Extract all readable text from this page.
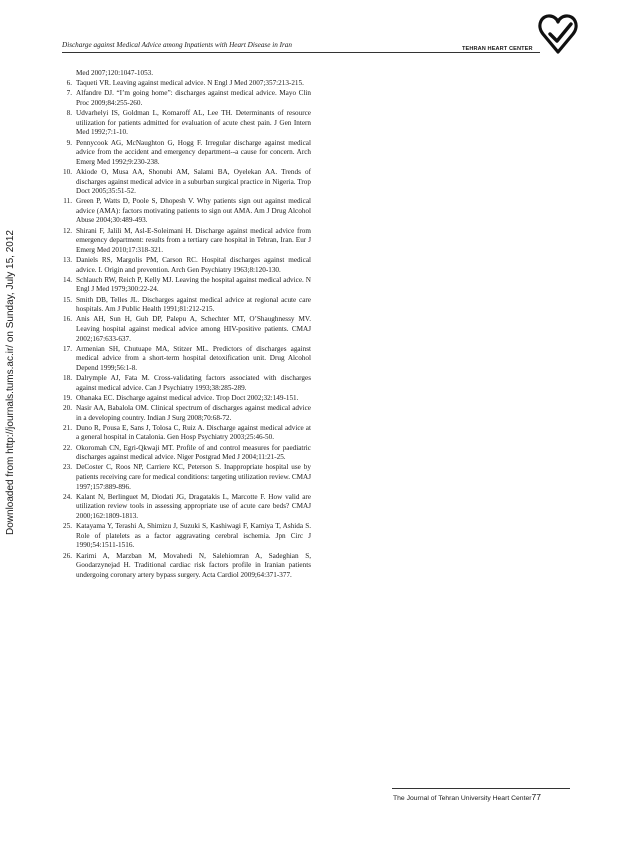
Discharge against Medical Advice among Inpatients with Heart Disease in Iran	TEHRAN HEART CENTER
Downloaded from http://journals.tums.ac.ir/ on Sunday, July 15, 2012
Med 2007;120:1047-1053.
6. Taqueti VR. Leaving against medical advice. N Engl J Med 2007;357:213-215.
7. Alfandre DJ. “I’m going home”: discharges against medical advice. Mayo Clin Proc 2009;84:255-260.
8. Udvarhelyi IS, Goldman L, Komaroff AL, Lee TH. Determinants of resource utilization for patients admitted for evaluation of acute chest pain. J Gen Intern Med 1992;7:1-10.
9. Pennycook AG, McNaughton G, Hogg F. Irregular discharge against medical advice from the accident and emergency department--a cause for concern. Arch Emerg Med 1992;9:230-238.
10. Akiode O, Musa AA, Shonubi AM, Salami BA, Oyelekan AA. Trends of discharges against medical advice in a suburban surgical practice in Nigeria. Trop Doct 2005;35:51-52.
11. Green P, Watts D, Poole S, Dhopesh V. Why patients sign out against medical advice (AMA): factors motivating patients to sign out AMA. Am J Drug Alcohol Abuse 2004;30:489-493.
12. Shirani F, Jalili M, Asl-E-Soleimani H. Discharge against medical advice from emergency department: results from a tertiary care hospital in Tehran, Iran. Eur J Emerg Med 2010;17:318-321.
13. Daniels RS, Margolis PM, Carson RC. Hospital discharges against medical advice. I. Origin and prevention. Arch Gen Psychiatry 1963;8:120-130.
14. Schlauch RW, Reich P, Kelly MJ. Leaving the hospital against medical advice. N Engl J Med 1979;300:22-24.
15. Smith DB, Telles JL. Discharges against medical advice at regional acute care hospitals. Am J Public Health 1991;81:212-215.
16. Anis AH, Sun H, Guh DP, Palepu A, Schechter MT, O’Shaughnessy MV. Leaving hospital against medical advice among HIV-positive patients. CMAJ 2002;167:633-637.
17. Armenian SH, Chutuape MA, Stitzer ML. Predictors of discharges against medical advice from a short-term hospital detoxification unit. Drug Alcohol Depend 1999;56:1-8.
18. Dalrymple AJ, Fata M. Cross-validating factors associated with discharges against medical advice. Can J Psychiatry 1993;38:285-289.
19. Ohanaka EC. Discharge against medical advice. Trop Doct 2002;32:149-151.
20. Nasir AA, Babalola OM. Clinical spectrum of discharges against medical advice in a developing country. Indian J Surg 2008;70:68-72.
21. Duno R, Pousa E, Sans J, Tolosa C, Ruiz A. Discharge against medical advice at a general hospital in Catalonia. Gen Hosp Psychiatry 2003;25:46-50.
22. Okoromah CN, Egri-Qkwaji MT. Profile of and control measures for paediatric discharges against medical advice. Niger Postgrad Med J 2004;11:21-25.
23. DeCoster C, Roos NP, Carriere KC, Peterson S. Inappropriate hospital use by patients receiving care for medical conditions: targeting utilization review. CMAJ 1997;157:889-896.
24. Kalant N, Berlinguet M, Diodati JG, Dragatakis L, Marcotte F. How valid are utilization review tools in assessing appropriate use of acute care beds? CMAJ 2000;162:1809-1813.
25. Katayama Y, Terashi A, Shimizu J, Suzuki S, Kashiwagi F, Kamiya T, Ashida S. Role of platelets as a factor aggravating cerebral ischemia. Jpn Circ J 1990;54:1511-1516.
26. Karimi A, Marzban M, Movahedi N, Salehiomran A, Sadeghian S, Goodarzynejad H. Traditional cardiac risk factors profile in Iranian patients undergoing coronary artery bypass surgery. Acta Cardiol 2009;64:371-377.
The Journal of Tehran University Heart Center77
